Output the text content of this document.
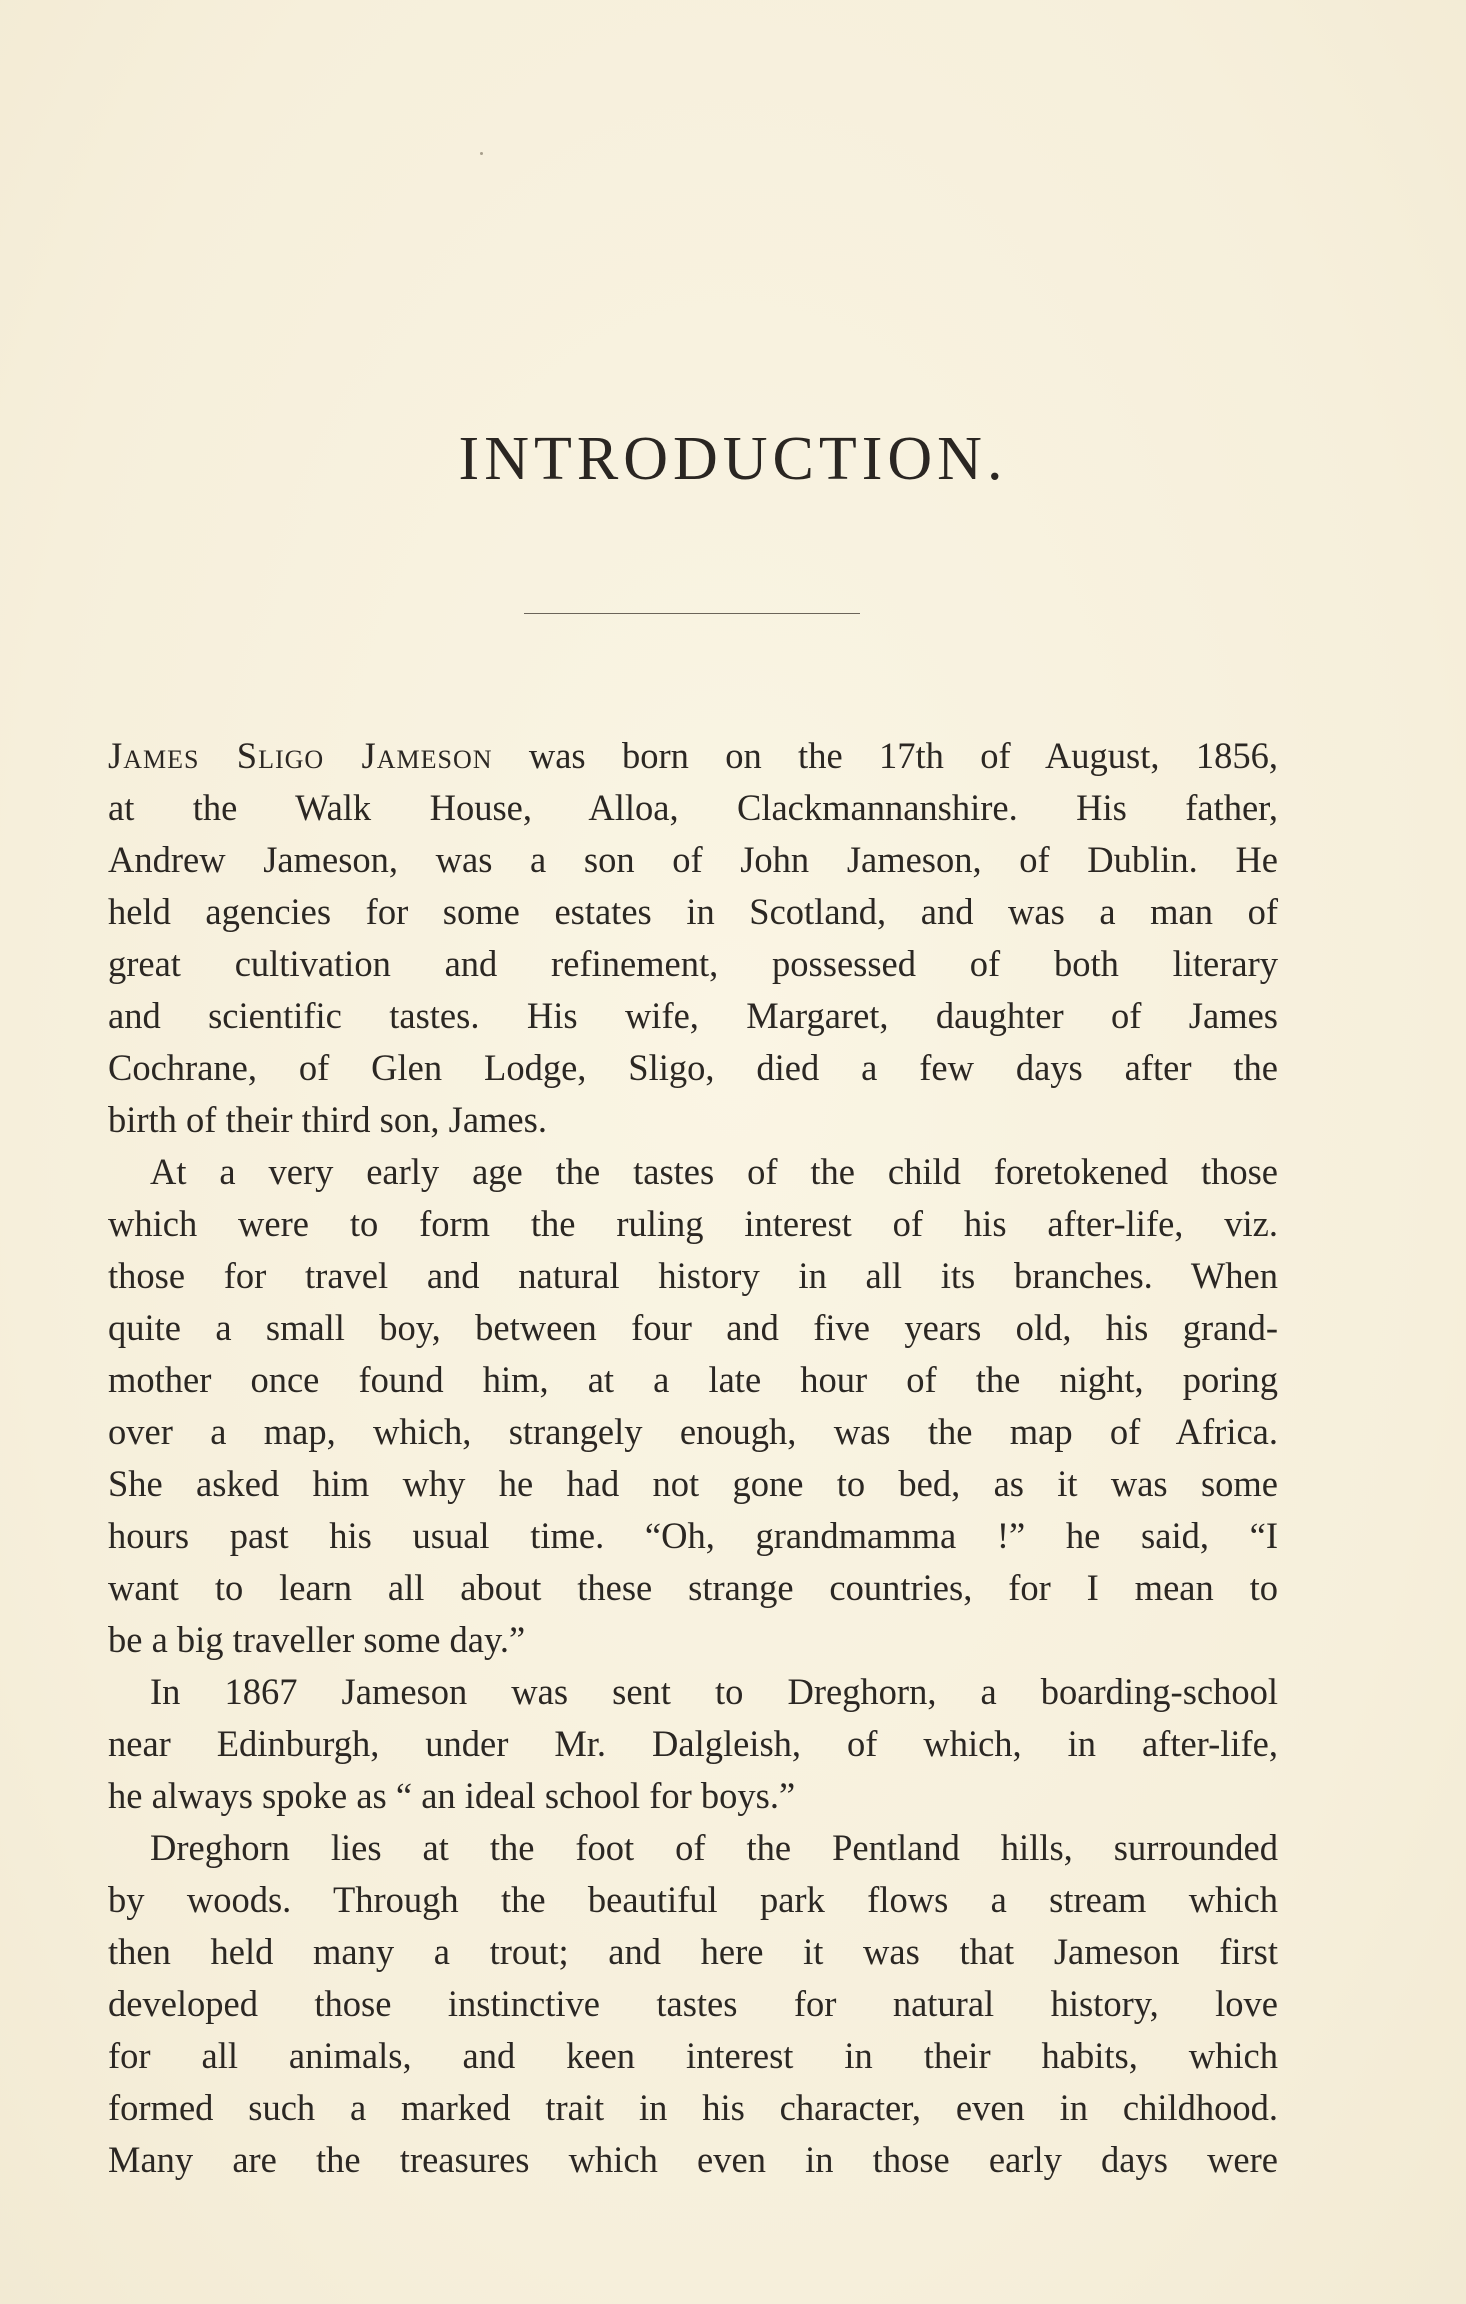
INTRODUCTION.
James Sligo Jameson was born on the 17th of August, 1856,
at the Walk House, Alloa, Clackmannanshire. His father,
Andrew Jameson, was a son of John Jameson, of Dublin. He
held agencies for some estates in Scotland, and was a man of
great cultivation and refinement, possessed of both literary
and scientific tastes. His wife, Margaret, daughter of James
Cochrane, of Glen Lodge, Sligo, died a few days after the
birth of their third son, James.
At a very early age the tastes of the child foretokened those
which were to form the ruling interest of his after-life, viz.
those for travel and natural history in all its branches. When
quite a small boy, between four and five years old, his grand-
mother once found him, at a late hour of the night, poring
over a map, which, strangely enough, was the map of Africa.
She asked him why he had not gone to bed, as it was some
hours past his usual time. “Oh, grandmamma !” he said, “I
want to learn all about these strange countries, for I mean to
be a big traveller some day.”
In 1867 Jameson was sent to Dreghorn, a boarding-school
near Edinburgh, under Mr. Dalgleish, of which, in after-life,
he always spoke as “ an ideal school for boys.”
Dreghorn lies at the foot of the Pentland hills, surrounded
by woods. Through the beautiful park flows a stream which
then held many a trout; and here it was that Jameson first
developed those instinctive tastes for natural history, love
for all animals, and keen interest in their habits, which
formed such a marked trait in his character, even in childhood.
Many are the treasures which even in those early days were
